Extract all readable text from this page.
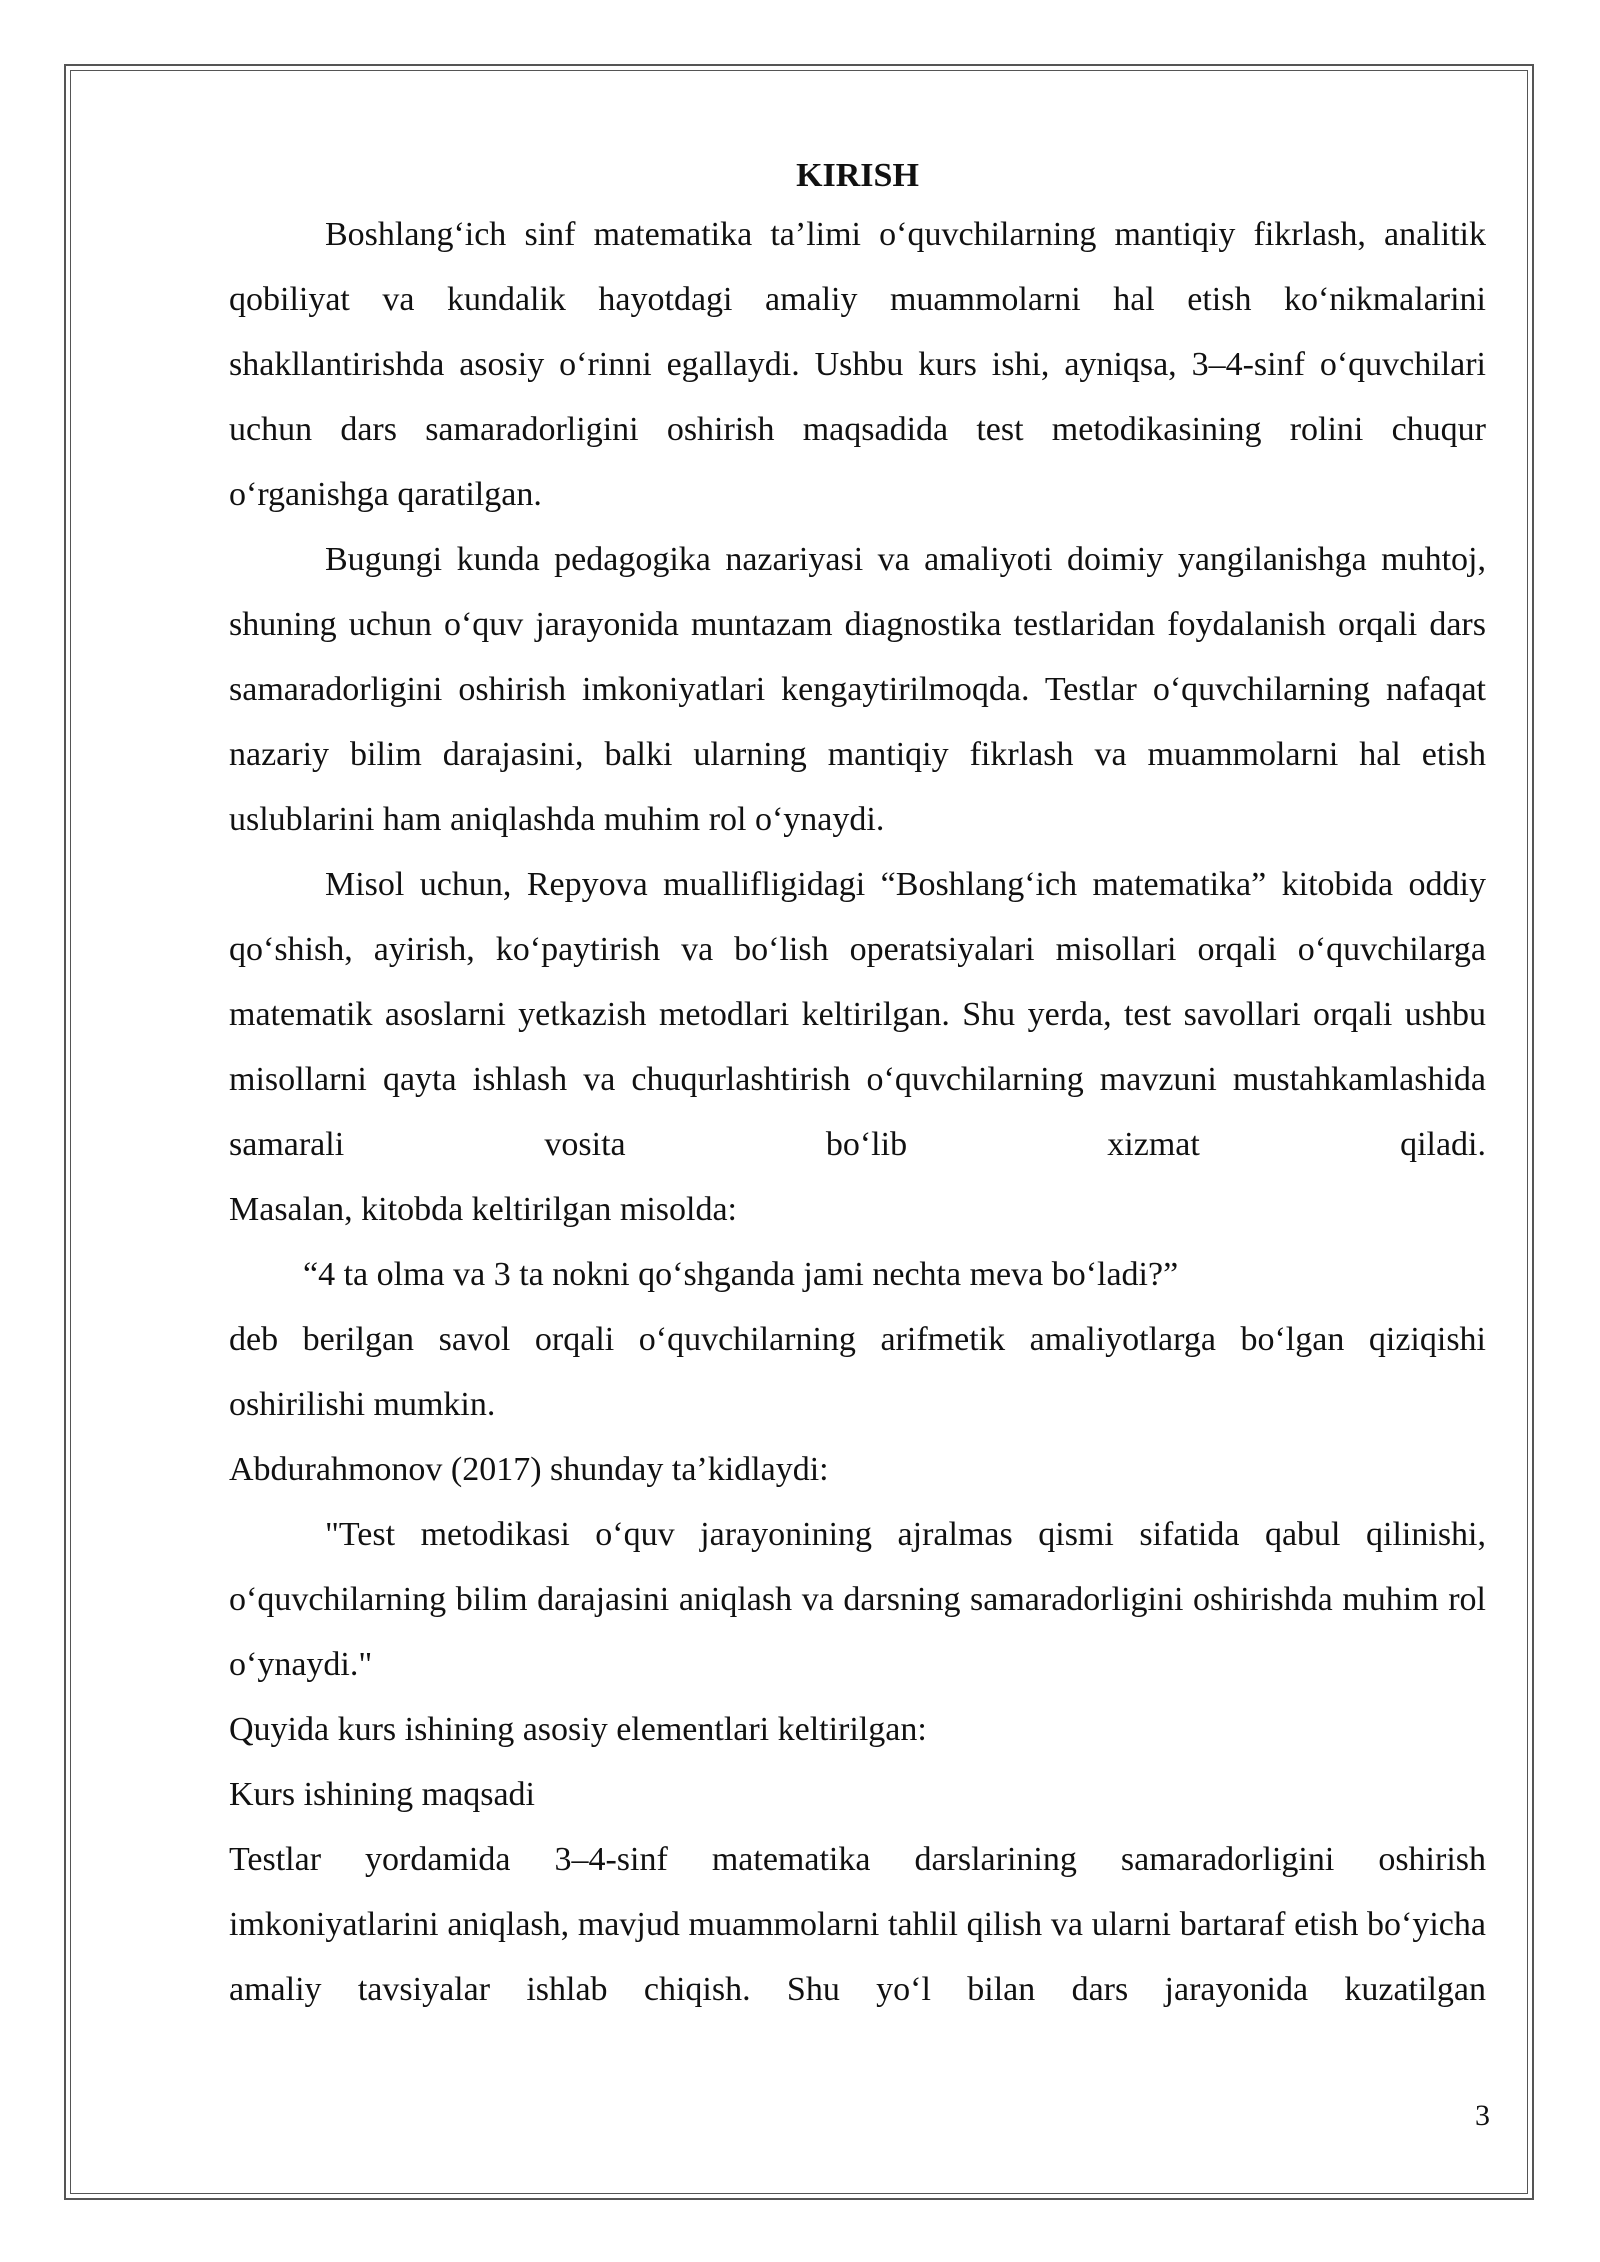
KIRISH

Boshlang‘ich sinf matematika ta’limi o‘quvchilarning mantiqiy fikrlash, analitik qobiliyat va kundalik hayotdagi amaliy muammolarni hal etish ko‘nikmalarini shakllantirishda asosiy o‘rinni egallaydi. Ushbu kurs ishi, ayniqsa, 3–4-sinf o‘quvchilari uchun dars samaradorligini oshirish maqsadida test metodikasining rolini chuqur o‘rganishga qaratilgan.

Bugungi kunda pedagogika nazariyasi va amaliyoti doimiy yangilanishga muhtoj, shuning uchun o‘quv jarayonida muntazam diagnostika testlaridan foydalanish orqali dars samaradorligini oshirish imkoniyatlari kengaytirilmoqda. Testlar o‘quvchilarning nafaqat nazariy bilim darajasini, balki ularning mantiqiy fikrlash va muammolarni hal etish uslublarini ham aniqlashda muhim rol o‘ynaydi.

Misol uchun, Repyova muallifligidagi “Boshlang‘ich matematika” kitobida oddiy qo‘shish, ayirish, ko‘paytirish va bo‘lish operatsiyalari misollari orqali o‘quvchilarga matematik asoslarni yetkazish metodlari keltirilgan. Shu yerda, test savollari orqali ushbu misollarni qayta ishlash va chuqurlashtirish o‘quvchilarning mavzuni mustahkamlashida samarali vosita bo‘lib xizmat qiladi.

Masalan, kitobda keltirilgan misolda:

“4 ta olma va 3 ta nokni qo‘shganda jami nechta meva bo‘ladi?”

deb berilgan savol orqali o‘quvchilarning arifmetik amaliyotlarga bo‘lgan qiziqishi oshirilishi mumkin.

Abdurahmonov (2017) shunday ta’kidlaydi:

"Test metodikasi o‘quv jarayonining ajralmas qismi sifatida qabul qilinishi, o‘quvchilarning bilim darajasini aniqlash va darsning samaradorligini oshirishda muhim rol o‘ynaydi."

Quyida kurs ishining asosiy elementlari keltirilgan:

Kurs ishining maqsadi

Testlar yordamida 3–4-sinf matematika darslarining samaradorligini oshirish imkoniyatlarini aniqlash, mavjud muammolarni tahlil qilish va ularni bartaraf etish bo‘yicha amaliy tavsiyalar ishlab chiqish. Shu yo‘l bilan dars jarayonida kuzatilgan

3
